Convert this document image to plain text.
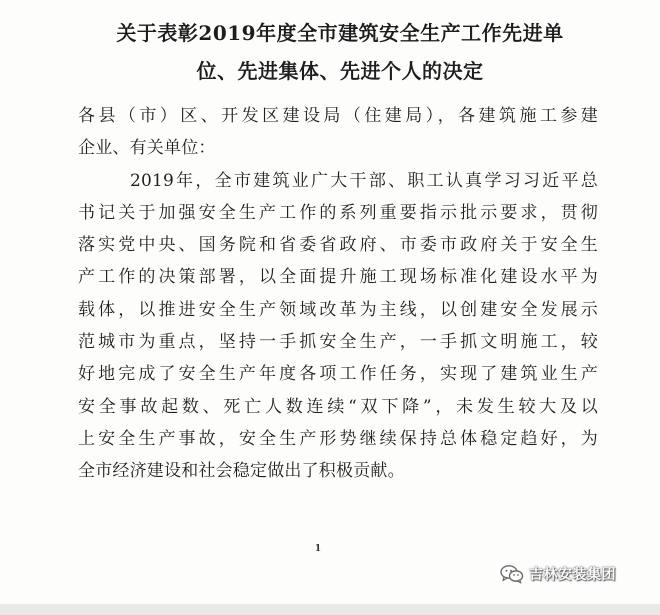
关于表彰2019年度全市建筑安全生产工作先进单
位、先进集体、先进个人的决定
各县（市）区、开发区建设局（住建局），各建筑施工参建
企业、有关单位：
2019年，全市建筑业广大干部、职工认真学习习近平总
书记关于加强安全生产工作的系列重要指示批示要求，贯彻
落实党中央、国务院和省委省政府、市委市政府关于安全生
产工作的决策部署，以全面提升施工现场标准化建设水平为
载体，以推进安全生产领域改革为主线，以创建安全发展示
范城市为重点，坚持一手抓安全生产，一手抓文明施工，较
好地完成了安全生产年度各项工作任务，实现了建筑业生产
安全事故起数、死亡人数连续“双下降”，未发生较大及以
上安全生产事故，安全生产形势继续保持总体稳定趋好，为
全市经济建设和社会稳定做出了积极贡献。
1
吉林安装集团
